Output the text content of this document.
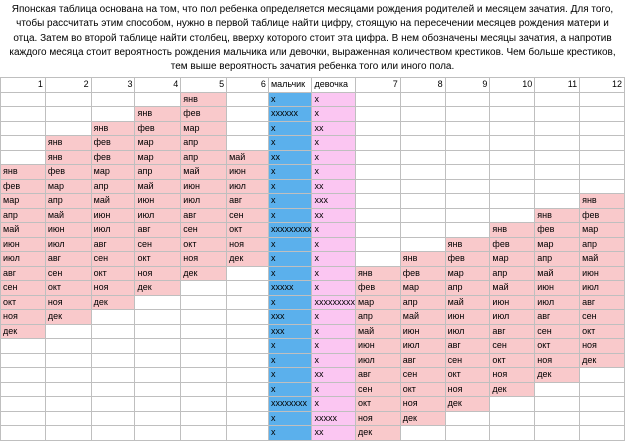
Японская таблица основана на том, что пол ребенка определяется месяцами рождения родителей и месяцем зачатия. Для того, чтобы рассчитать этим способом, нужно в первой таблице найти цифру, стоящую на пересечении месяцев рождения матери и отца. Затем во второй таблице найти столбец, вверху которого стоит эта цифра. В нем обозначены месяцы зачатия, а напротив каждого месяца стоит вероятность рождения мальчика или девочки, выраженная количеством крестиков. Чем больше крестиков, тем выше вероятность зачатия ребенка того или иного пола.
1	2	3	4	5	6	мальчик	девочка	7	8	9	10	11	12
				янв		x	x						
			янв	фев		xxxxxx	x						
		янв	фев	мар		x	xx						
	янв	фев	мар	апр		x	x						
	янв	фев	мар	апр	май	xx	x						
янв	фев	мар	апр	май	июн	x	x						
фев	мар	апр	май	июн	июл	x	xx						
мар	апр	май	июн	июл	авг	x	xxx						янв
апр	май	июн	июл	авг	сен	x	xx					янв	фев
май	июн	июл	авг	сен	окт	xxxxxxxxx	x				янв	фев	мар
июн	июл	авг	сен	окт	ноя	x	x			янв	фев	мар	апр
июл	авг	сен	окт	ноя	дек	x	x		янв	фев	мар	апр	май
авг	сен	окт	ноя	дек		x	x	янв	фев	мар	апр	май	июн
сен	окт	ноя	дек			xxxxx	x	фев	мар	апр	май	июн	июл
окт	ноя	дек				x	xxxxxxxxx	мар	апр	май	июн	июл	авг
ноя	дек					xxx	x	апр	май	июн	июл	авг	сен
дек						xxx	x	май	июн	июл	авг	сен	окт
						x	x	июн	июл	авг	сен	окт	ноя
						x	x	июл	авг	сен	окт	ноя	дек
						x	xx	авг	сен	окт	ноя	дек	
						x	x	сен	окт	ноя	дек		
						xxxxxxxx	x	окт	ноя	дек			
						x	xxxxx	ноя	дек				
						x	xx	дек					
